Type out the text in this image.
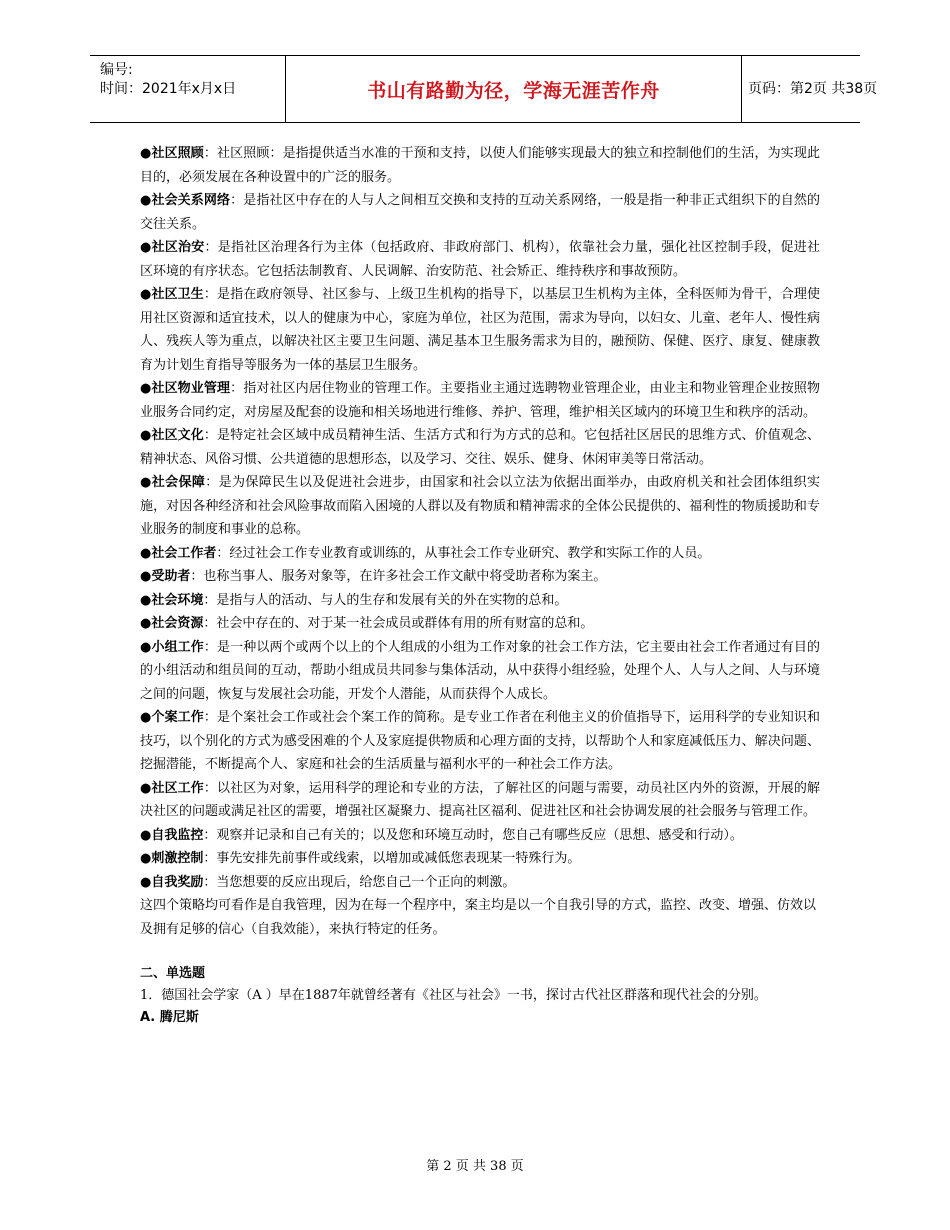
编号:
时间：2021年x月x日	书山有路勤为径，学海无涯苦作舟	页码：第2页 共38页

●社区照顾：社区照顾：是指提供适当水准的干预和支持，以使人们能够实现最大的独立和控制他们的生活，为实现此目的，必须发展在各种设置中的广泛的服务。

●社会关系网络：是指社区中存在的人与人之间相互交换和支持的互动关系网络，一般是指一种非正式组织下的自然的交往关系。

●社区治安：是指社区治理各行为主体（包括政府、非政府部门、机构），依靠社会力量，强化社区控制手段，促进社区环境的有序状态。它包括法制教育、人民调解、治安防范、社会矫正、维持秩序和事故预防。

●社区卫生：是指在政府领导、社区参与、上级卫生机构的指导下，以基层卫生机构为主体，全科医师为骨干，合理使用社区资源和适宜技术，以人的健康为中心，家庭为单位，社区为范围，需求为导向，以妇女、儿童、老年人、慢性病人、残疾人等为重点，以解决社区主要卫生问题、满足基本卫生服务需求为目的，融预防、保健、医疗、康复、健康教育为计划生育指导等服务为一体的基层卫生服务。

●社区物业管理：指对社区内居住物业的管理工作。主要指业主通过选聘物业管理企业，由业主和物业管理企业按照物业服务合同约定，对房屋及配套的设施和相关场地进行维修、养护、管理，维护相关区域内的环境卫生和秩序的活动。

●社区文化：是特定社会区域中成员精神生活、生活方式和行为方式的总和。它包括社区居民的思维方式、价值观念、精神状态、风俗习惯、公共道德的思想形态，以及学习、交往、娱乐、健身、休闲审美等日常活动。

●社会保障：是为保障民生以及促进社会进步，由国家和社会以立法为依据出面举办，由政府机关和社会团体组织实施，对因各种经济和社会风险事故而陷入困境的人群以及有物质和精神需求的全体公民提供的、福利性的物质援助和专业服务的制度和事业的总称。

●社会工作者：经过社会工作专业教育或训练的，从事社会工作专业研究、教学和实际工作的人员。

●受助者：也称当事人、服务对象等，在许多社会工作文献中将受助者称为案主。

●社会环境：是指与人的活动、与人的生存和发展有关的外在实物的总和。

●社会资源：社会中存在的、对于某一社会成员或群体有用的所有财富的总和。

●小组工作：是一种以两个或两个以上的个人组成的小组为工作对象的社会工作方法，它主要由社会工作者通过有目的的小组活动和组员间的互动，帮助小组成员共同参与集体活动，从中获得小组经验，处理个人、人与人之间、人与环境之间的问题，恢复与发展社会功能，开发个人潜能，从而获得个人成长。

●个案工作：是个案社会工作或社会个案工作的简称。是专业工作者在利他主义的价值指导下，运用科学的专业知识和技巧，以个别化的方式为感受困难的个人及家庭提供物质和心理方面的支持，以帮助个人和家庭减低压力、解决问题、挖掘潜能，不断提高个人、家庭和社会的生活质量与福利水平的一种社会工作方法。

●社区工作：以社区为对象，运用科学的理论和专业的方法，了解社区的问题与需要，动员社区内外的资源，开展的解决社区的问题或满足社区的需要，增强社区凝聚力、提高社区福利、促进社区和社会协调发展的社会服务与管理工作。

●自我监控：观察并记录和自己有关的；以及您和环境互动时，您自己有哪些反应（思想、感受和行动）。

●刺激控制：事先安排先前事件或线索，以增加或减低您表现某一特殊行为。

●自我奖励：当您想要的反应出现后，给您自己一个正向的刺激。

这四个策略均可看作是自我管理，因为在每一个程序中，案主均是以一个自我引导的方式，监控、改变、增强、仿效以及拥有足够的信心（自我效能），来执行特定的任务。

二、单选题

1．德国社会学家（A ）早在1887年就曾经著有《社区与社会》一书，探讨古代社区群落和现代社会的分别。

A. 腾尼斯

第 2 页 共 38 页
